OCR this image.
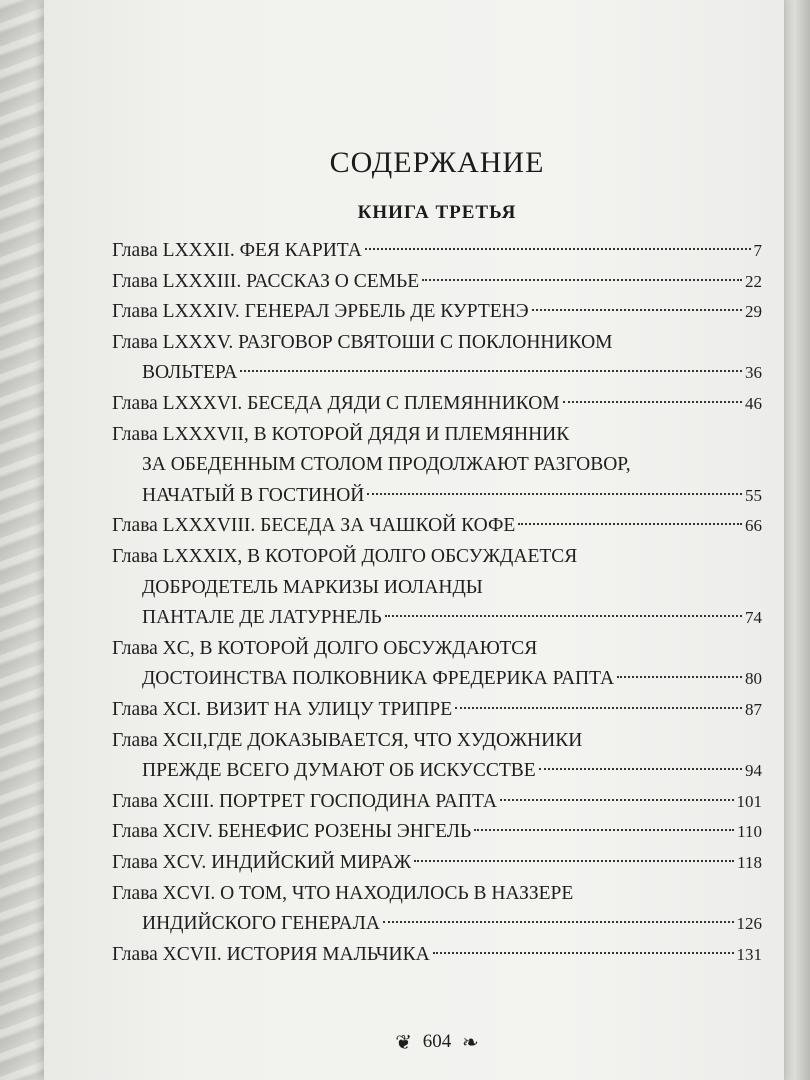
СОДЕРЖАНИЕ
КНИГА ТРЕТЬЯ
Глава LXXXII. ФЕЯ КАРИТА	7
Глава LXXXIII. РАССКАЗ О СЕМЬЕ	22
Глава LXXXIV. ГЕНЕРАЛ ЭРБЕЛЬ ДЕ КУРТЕНЭ	29
Глава LXXXV. РАЗГОВОР СВЯТОШИ С ПОКЛОННИКОМ
ВОЛЬТЕРА	36
Глава LXXXVI. БЕСЕДА ДЯДИ С ПЛЕМЯННИКОМ	46
Глава LXXXVII, В КОТОРОЙ ДЯДЯ И ПЛЕМЯННИК
ЗА ОБЕДЕННЫМ СТОЛОМ ПРОДОЛЖАЮТ РАЗГОВОР,
НАЧАТЫЙ В ГОСТИНОЙ	55
Глава LXXXVIII. БЕСЕДА ЗА ЧАШКОЙ КОФЕ	66
Глава LXXXIX, В КОТОРОЙ ДОЛГО ОБСУЖДАЕТСЯ
ДОБРОДЕТЕЛЬ МАРКИЗЫ ИОЛАНДЫ
ПАНТАЛЕ ДЕ ЛАТУРНЕЛЬ	74
Глава XC, В КОТОРОЙ ДОЛГО ОБСУЖДАЮТСЯ
ДОСТОИНСТВА ПОЛКОВНИКА ФРЕДЕРИКА РАПТА	80
Глава XCI. ВИЗИТ НА УЛИЦУ ТРИПРЕ	87
Глава XCII,ГДЕ ДОКАЗЫВАЕТСЯ, ЧТО ХУДОЖНИКИ
ПРЕЖДЕ ВСЕГО ДУМАЮТ ОБ ИСКУССТВЕ	94
Глава XCIII. ПОРТРЕТ ГОСПОДИНА РАПТА	101
Глава XCIV. БЕНЕФИС РОЗЕНЫ ЭНГЕЛЬ	110
Глава XCV. ИНДИЙСКИЙ МИРАЖ	118
Глава XCVI. О ТОМ, ЧТО НАХОДИЛОСЬ В НАЗЗЕРЕ
ИНДИЙСКОГО ГЕНЕРАЛА	126
Глава XCVII. ИСТОРИЯ МАЛЬЧИКА	131
❦ 604 ❧
